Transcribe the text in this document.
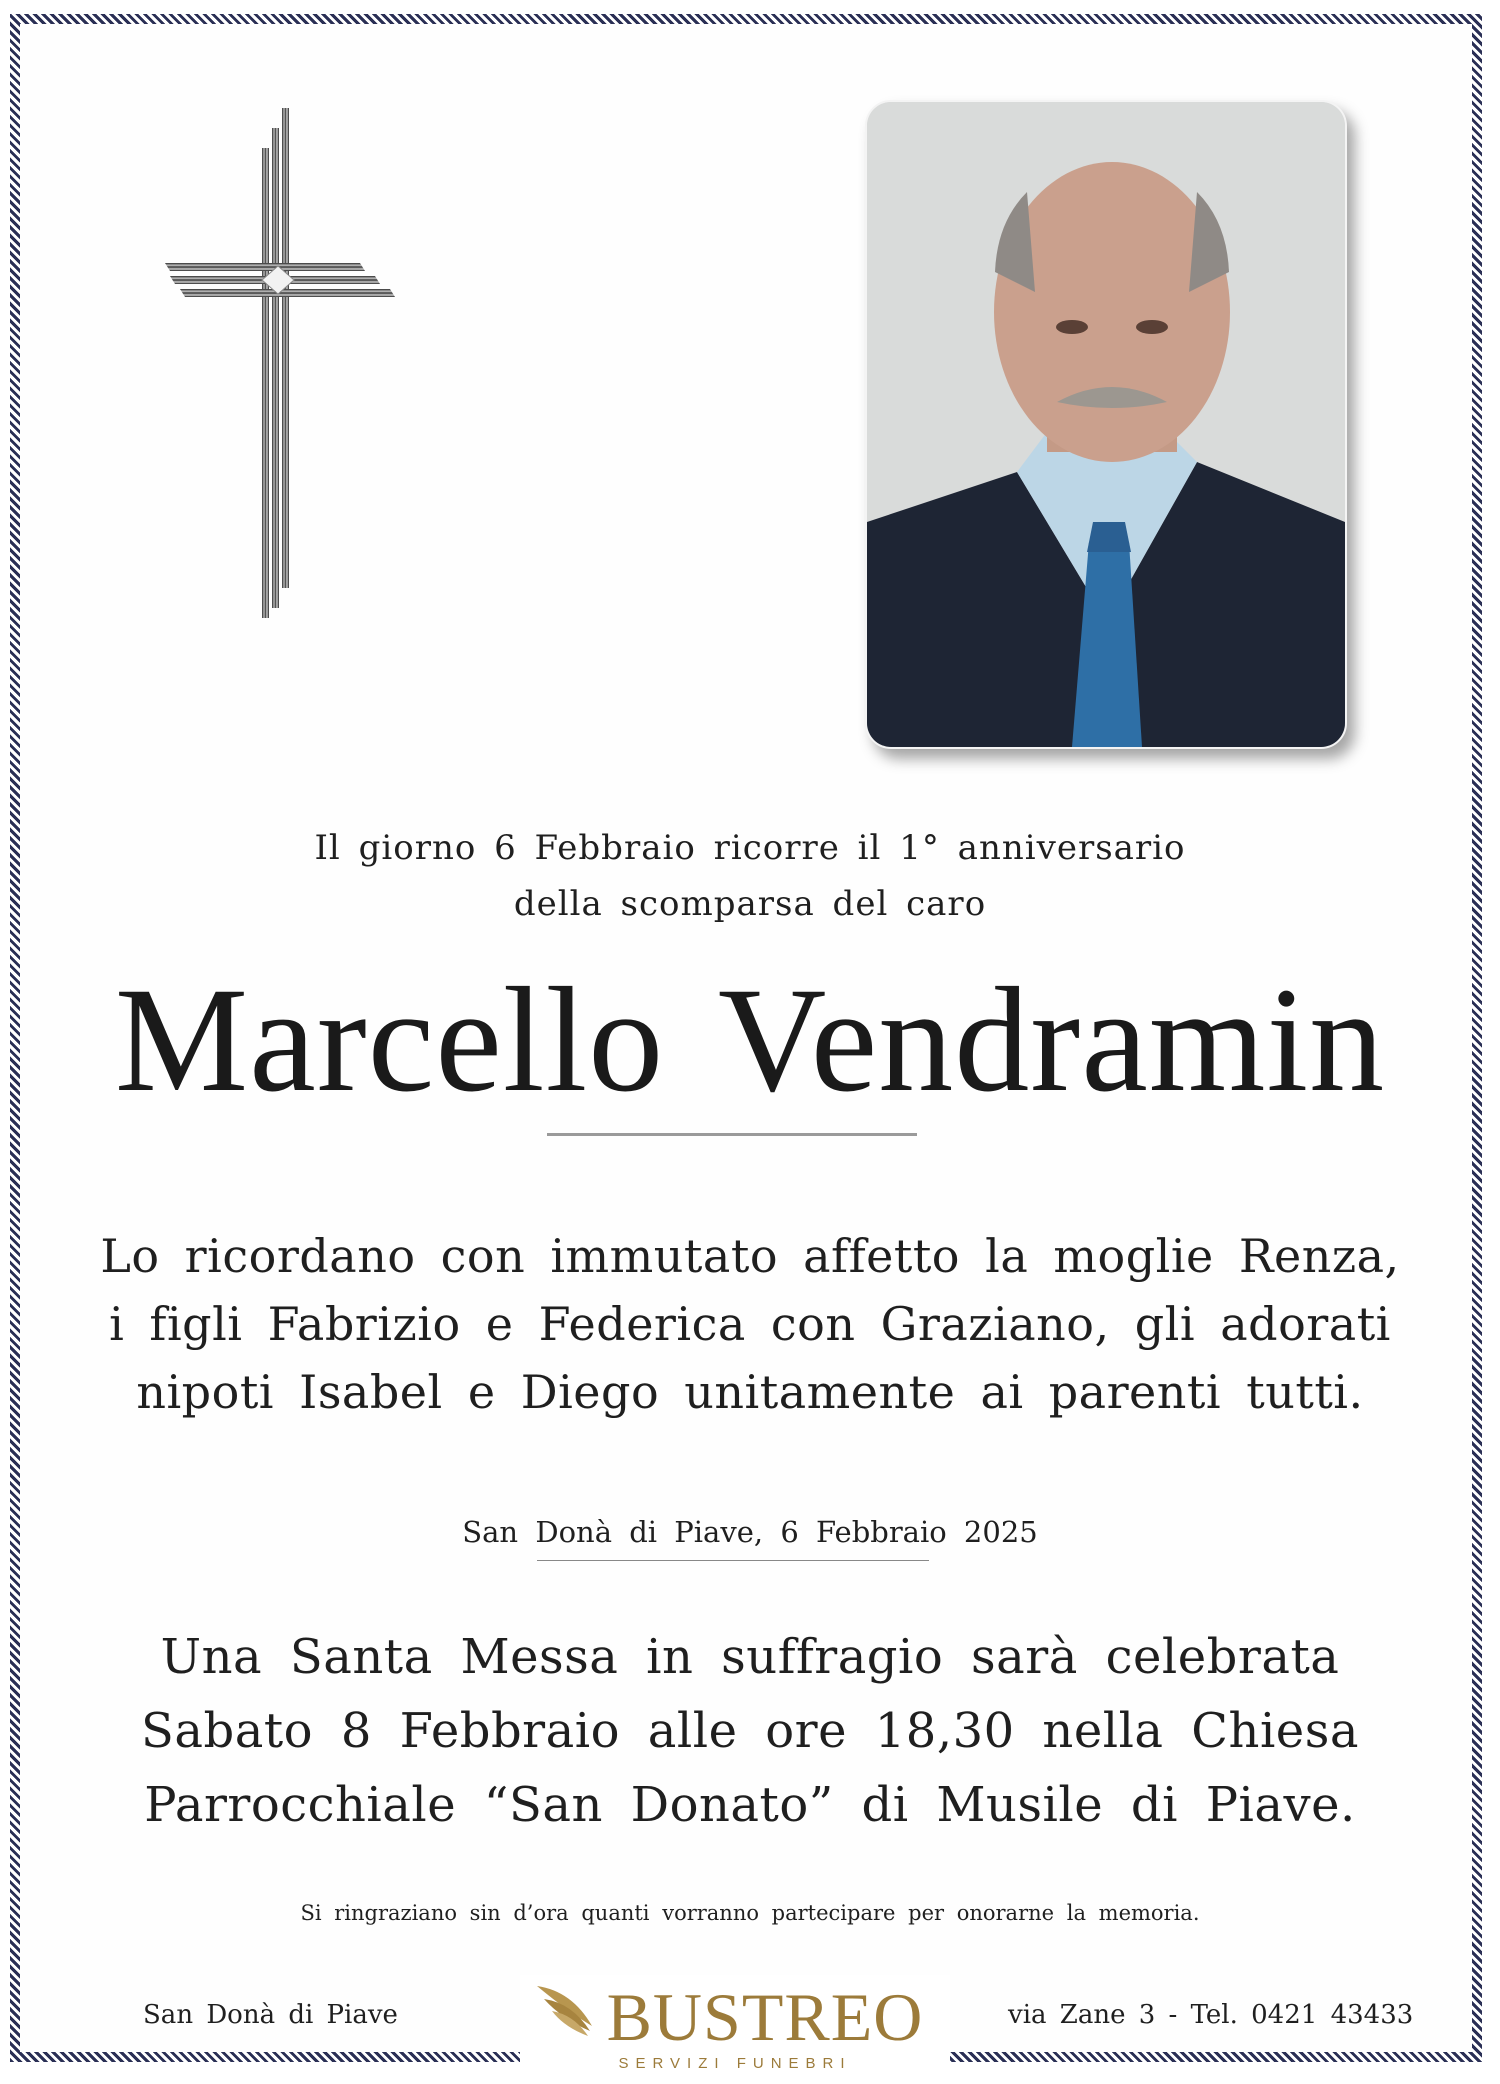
Il giorno 6 Febbraio ricorre il 1° anniversario
della scomparsa del caro
Marcello Vendramin
Lo ricordano con immutato affetto la moglie Renza,
i figli Fabrizio e Federica con Graziano, gli adorati
nipoti Isabel e Diego unitamente ai parenti tutti.
San Donà di Piave, 6 Febbraio 2025
Una Santa Messa in suffragio sarà celebrata
Sabato 8 Febbraio alle ore 18,30 nella Chiesa
Parrocchiale “San Donato” di Musile di Piave.
Si ringraziano sin d’ora quanti vorranno partecipare per onorarne la memoria.
San Donà di Piave	via Zane 3 - Tel. 0421 43433
BUSTREO
SERVIZI FUNEBRI
